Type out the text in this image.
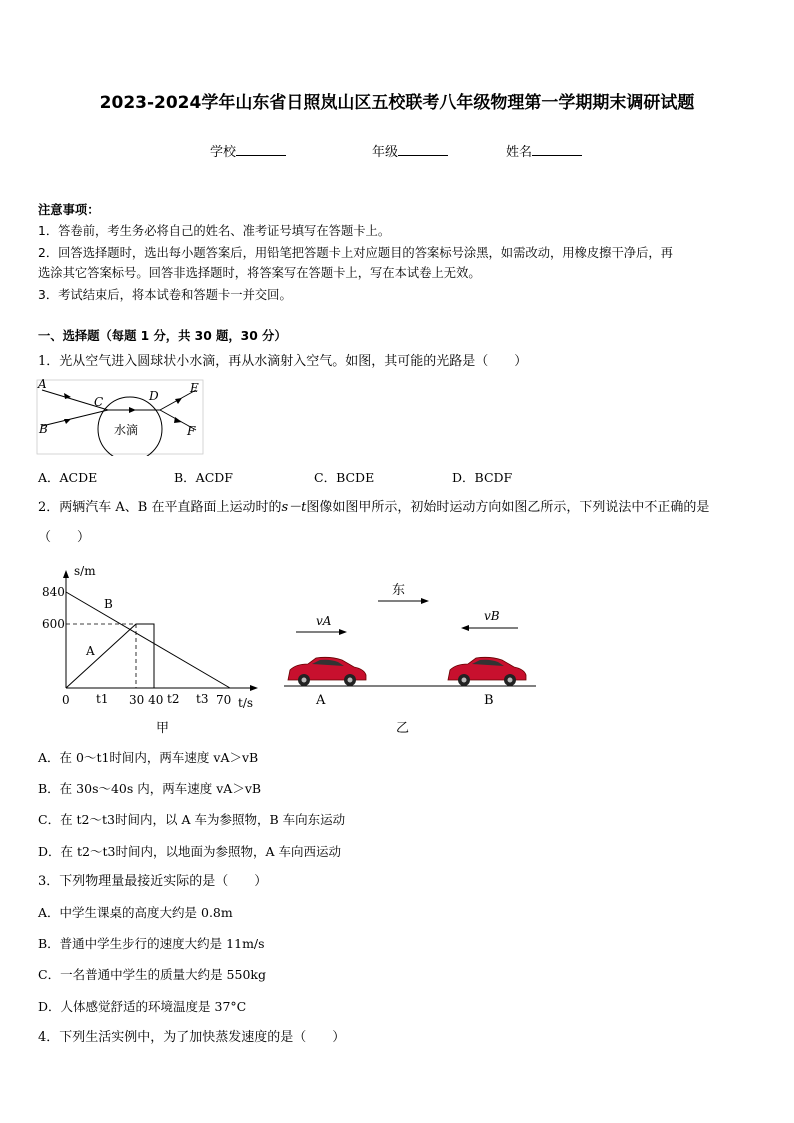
2023-2024学年山东省日照岚山区五校联考八年级物理第一学期期末调研试题
学校	年级	姓名
注意事项：
1．答卷前，考生务必将自己的姓名、准考证号填写在答题卡上。
2．回答选择题时，选出每小题答案后，用铅笔把答题卡上对应题目的答案标号涂黑，如需改动，用橡皮擦干净后，再
选涂其它答案标号。回答非选择题时，将答案写在答题卡上，写在本试卷上无效。
3．考试结束后，将本试卷和答题卡一并交回。
一、选择题（每题 1 分，共 30 题，30 分）
1．光从空气进入圆球状小水滴，再从水滴射入空气。如图，其可能的光路是（　　）
A
B
C	D
E
F
水滴
A．ACDE	B．ACDF	C．BCDE	D．BCDF
2．两辆汽车 A、B 在平直路面上运动时的s－t图像如图甲所示，初始时运动方向如图乙所示，下列说法中不正确的是
（　　）
s/m
840
600
B
A
0 t1 30 40 t2 t3 70 t/s
甲
东
vA	vB
A	B
乙
A．在 0～t1时间内，两车速度 vA＞vB
B．在 30s～40s 内，两车速度 vA＞vB
C．在 t2～t3时间内，以 A 车为参照物，B 车向东运动
D．在 t2～t3时间内，以地面为参照物，A 车向西运动
3．下列物理量最接近实际的是（　　）
A．中学生课桌的高度大约是 0.8m
B．普通中学生步行的速度大约是 11m/s
C．一名普通中学生的质量大约是 550kg
D．人体感觉舒适的环境温度是 37°C
4．下列生活实例中，为了加快蒸发速度的是（　　）
